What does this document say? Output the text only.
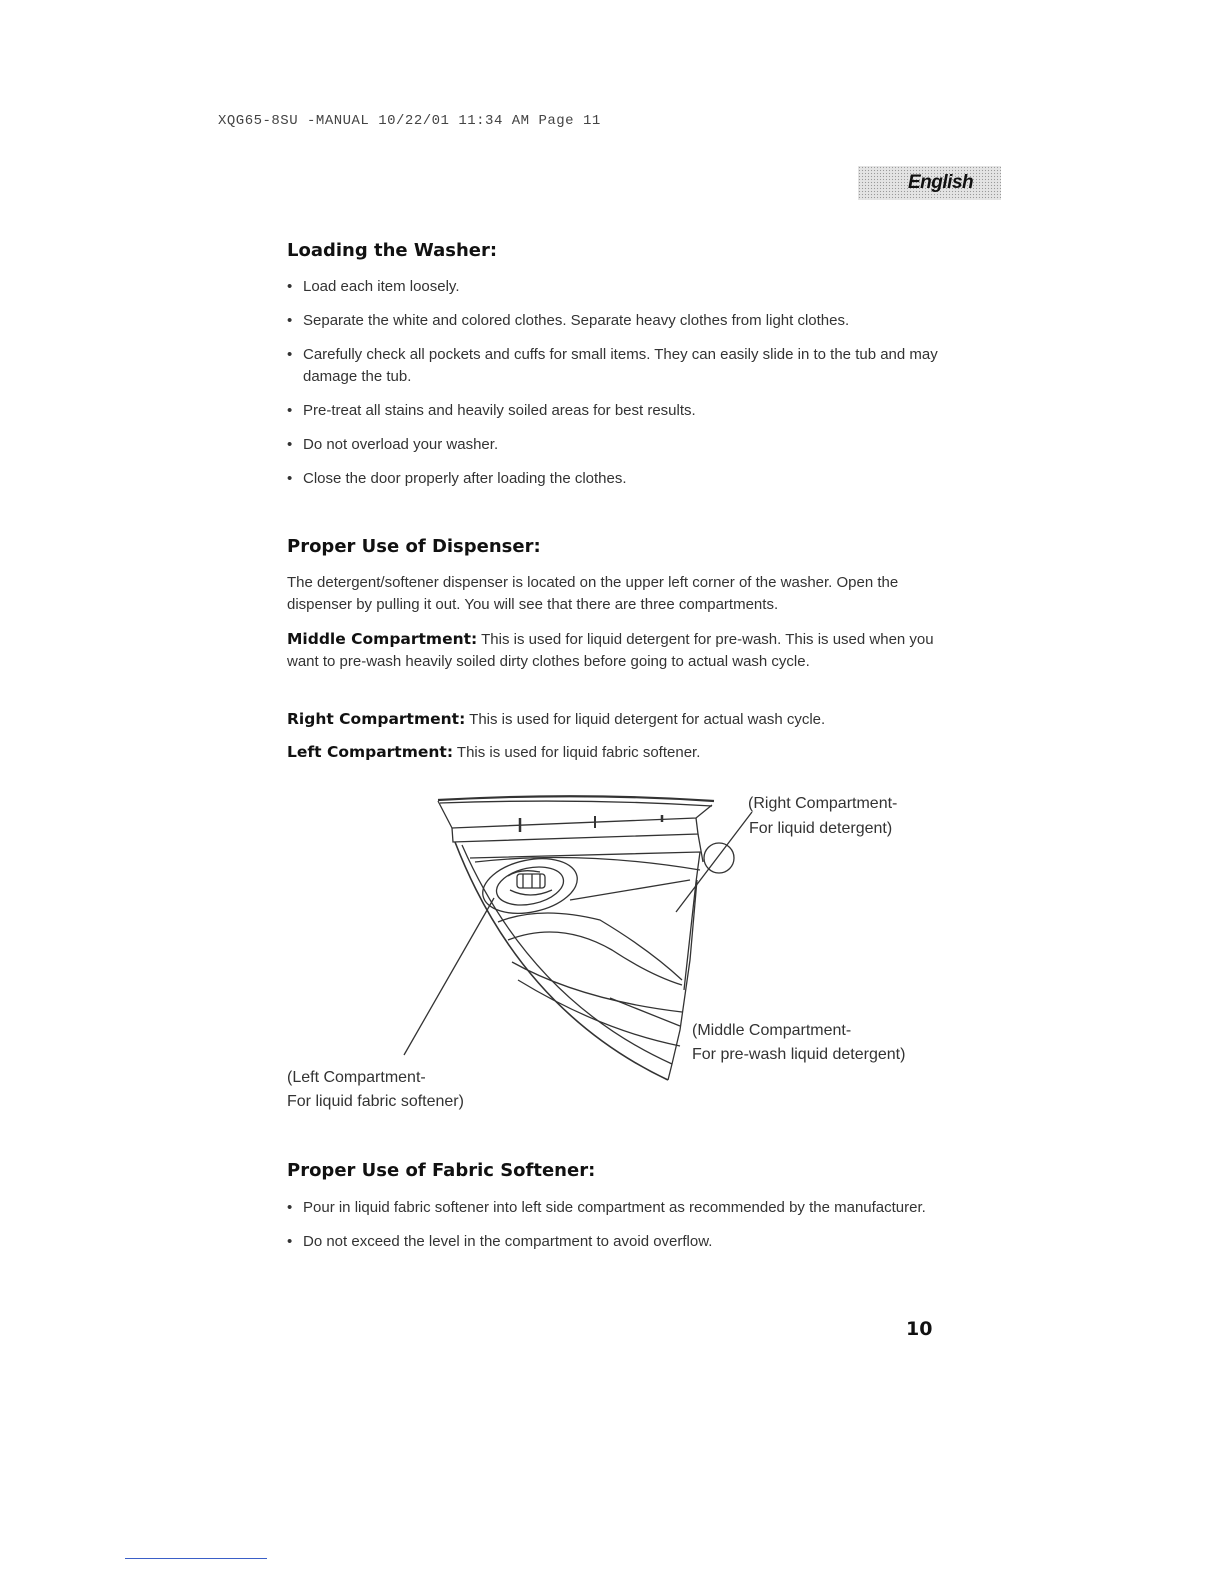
XQG65-8SU -MANUAL 10/22/01 11:34 AM Page 11
English
Loading the Washer:
• Load each item loosely.
• Separate the white and colored clothes. Separate heavy clothes from light clothes.
• Carefully check all pockets and cuffs for small items. They can easily slide in to the tub and may damage the tub.
• Pre-treat all stains and heavily soiled areas for best results.
• Do not overload your washer.
• Close the door properly after loading the clothes.
Proper Use of Dispenser:

The detergent/softener dispenser is located on the upper left corner of the washer. Open the dispenser by pulling it out. You will see that there are three compartments.

Middle Compartment: This is used for liquid detergent for pre-wash. This is used when you want to pre-wash heavily soiled dirty clothes before going to actual wash cycle.

Right Compartment: This is used for liquid detergent for actual wash cycle.

Left Compartment: This is used for liquid fabric softener.

(Right Compartment-
For liquid detergent)
(Middle Compartment-
For pre-wash liquid detergent)
(Left Compartment-
For liquid fabric softener)
Proper Use of Fabric Softener:
• Pour in liquid fabric softener into left side compartment as recommended by the manufacturer.
• Do not exceed the level in the compartment to avoid overflow.
10
